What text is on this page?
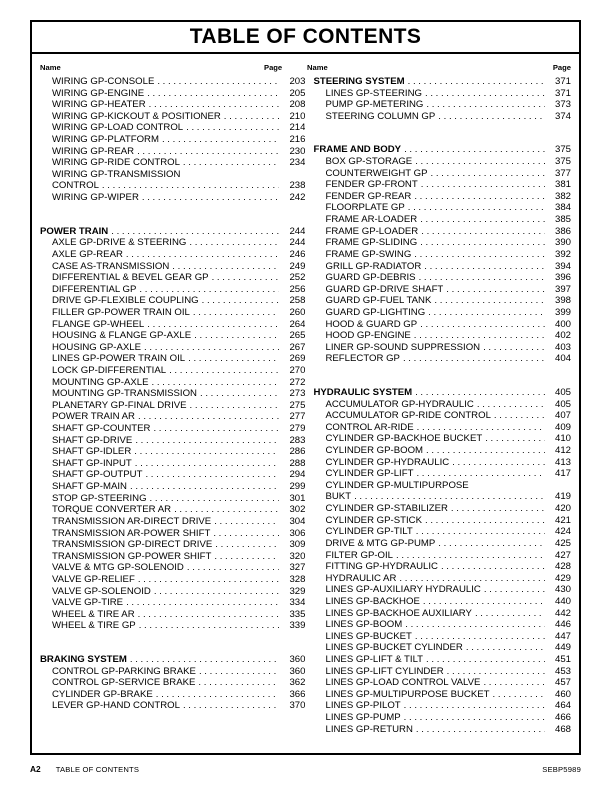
TABLE OF CONTENTS
Name	Page	Name	Page
WIRING GP-CONSOLE . . .	203
WIRING GP-ENGINE . . .	205
WIRING GP-HEATER . . .	208
WIRING GP-KICKOUT & POSITIONER . . .	210
WIRING GP-LOAD CONTROL . . .	214
WIRING GP-PLATFORM . . .	216
WIRING GP-REAR . . .	230
WIRING GP-RIDE CONTROL . . .	234
WIRING GP-TRANSMISSION
CONTROL . . .	238
WIRING GP-WIPER . . .	242
POWER TRAIN . . .	244
AXLE GP-DRIVE & STEERING . . .	244
AXLE GP-REAR . . .	246
CASE AS-TRANSMISSION . . .	249
DIFFERENTIAL & BEVEL GEAR GP . . .	252
DIFFERENTIAL GP . . .	256
DRIVE GP-FLEXIBLE COUPLING . . .	258
FILLER GP-POWER TRAIN OIL . . .	260
FLANGE GP-WHEEL . . .	264
HOUSING & FLANGE GP-AXLE . . .	265
HOUSING GP-AXLE . . .	267
LINES GP-POWER TRAIN OIL . . .	269
LOCK GP-DIFFERENTIAL . . .	270
MOUNTING GP-AXLE . . .	272
MOUNTING GP-TRANSMISSION . . .	273
PLANETARY GP-FINAL DRIVE . . .	275
POWER TRAIN AR . . .	277
SHAFT GP-COUNTER . . .	279
SHAFT GP-DRIVE . . .	283
SHAFT GP-IDLER . . .	286
SHAFT GP-INPUT . . .	288
SHAFT GP-OUTPUT . . .	294
SHAFT GP-MAIN . . .	299
STOP GP-STEERING . . .	301
TORQUE CONVERTER AR . . .	302
TRANSMISSION AR-DIRECT DRIVE . . .	304
TRANSMISSION AR-POWER SHIFT . . .	306
TRANSMISSION GP-DIRECT DRIVE . . .	309
TRANSMISSION GP-POWER SHIFT . . .	320
VALVE & MTG GP-SOLENOID . . .	327
VALVE GP-RELIEF . . .	328
VALVE GP-SOLENOID . . .	329
VALVE GP-TIRE . . .	334
WHEEL & TIRE AR . . .	335
WHEEL & TIRE GP . . .	339
BRAKING SYSTEM . . .	360
CONTROL GP-PARKING BRAKE . . .	360
CONTROL GP-SERVICE BRAKE . . .	362
CYLINDER GP-BRAKE . . .	366
LEVER GP-HAND CONTROL . . .	370
STEERING SYSTEM . . .	371
LINES GP-STEERING . . .	371
PUMP GP-METERING . . .	373
STEERING COLUMN GP . . .	374
FRAME AND BODY . . .	375
BOX GP-STORAGE . . .	375
COUNTERWEIGHT GP . . .	377
FENDER GP-FRONT . . .	381
FENDER GP-REAR . . .	382
FLOORPLATE GP . . .	384
FRAME AR-LOADER . . .	385
FRAME GP-LOADER . . .	386
FRAME GP-SLIDING . . .	390
FRAME GP-SWING . . .	392
GRILL GP-RADIATOR . . .	394
GUARD GP-DEBRIS . . .	396
GUARD GP-DRIVE SHAFT . . .	397
GUARD GP-FUEL TANK . . .	398
GUARD GP-LIGHTING . . .	399
HOOD & GUARD GP . . .	400
HOOD GP-ENGINE . . .	402
LINER GP-SOUND SUPPRESSION . . .	403
REFLECTOR GP . . .	404
HYDRAULIC SYSTEM . . .	405
ACCUMULATOR GP-HYDRAULIC . . .	405
ACCUMULATOR GP-RIDE CONTROL . . .	407
CONTROL AR-RIDE . . .	409
CYLINDER GP-BACKHOE BUCKET . . .	410
CYLINDER GP-BOOM . . .	412
CYLINDER GP-HYDRAULIC . . .	413
CYLINDER GP-LIFT . . .	417
CYLINDER GP-MULTIPURPOSE
BUKT . . .	419
CYLINDER GP-STABILIZER . . .	420
CYLINDER GP-STICK . . .	421
CYLINDER GP-TILT . . .	424
DRIVE & MTG GP-PUMP . . .	425
FILTER GP-OIL . . .	427
FITTING GP-HYDRAULIC . . .	428
HYDRAULIC AR . . .	429
LINES GP-AUXILIARY HYDRAULIC . . .	430
LINES GP-BACKHOE . . .	440
LINES GP-BACKHOE AUXILIARY . . .	442
LINES GP-BOOM . . .	446
LINES GP-BUCKET . . .	447
LINES GP-BUCKET CYLINDER . . .	449
LINES GP-LIFT & TILT . . .	451
LINES GP-LIFT CYLINDER . . .	453
LINES GP-LOAD CONTROL VALVE . . .	457
LINES GP-MULTIPURPOSE BUCKET . . .	460
LINES GP-PILOT . . .	464
LINES GP-PUMP . . .	466
LINES GP-RETURN . . .	468
A2 TABLE OF CONTENTS	SEBP5989
